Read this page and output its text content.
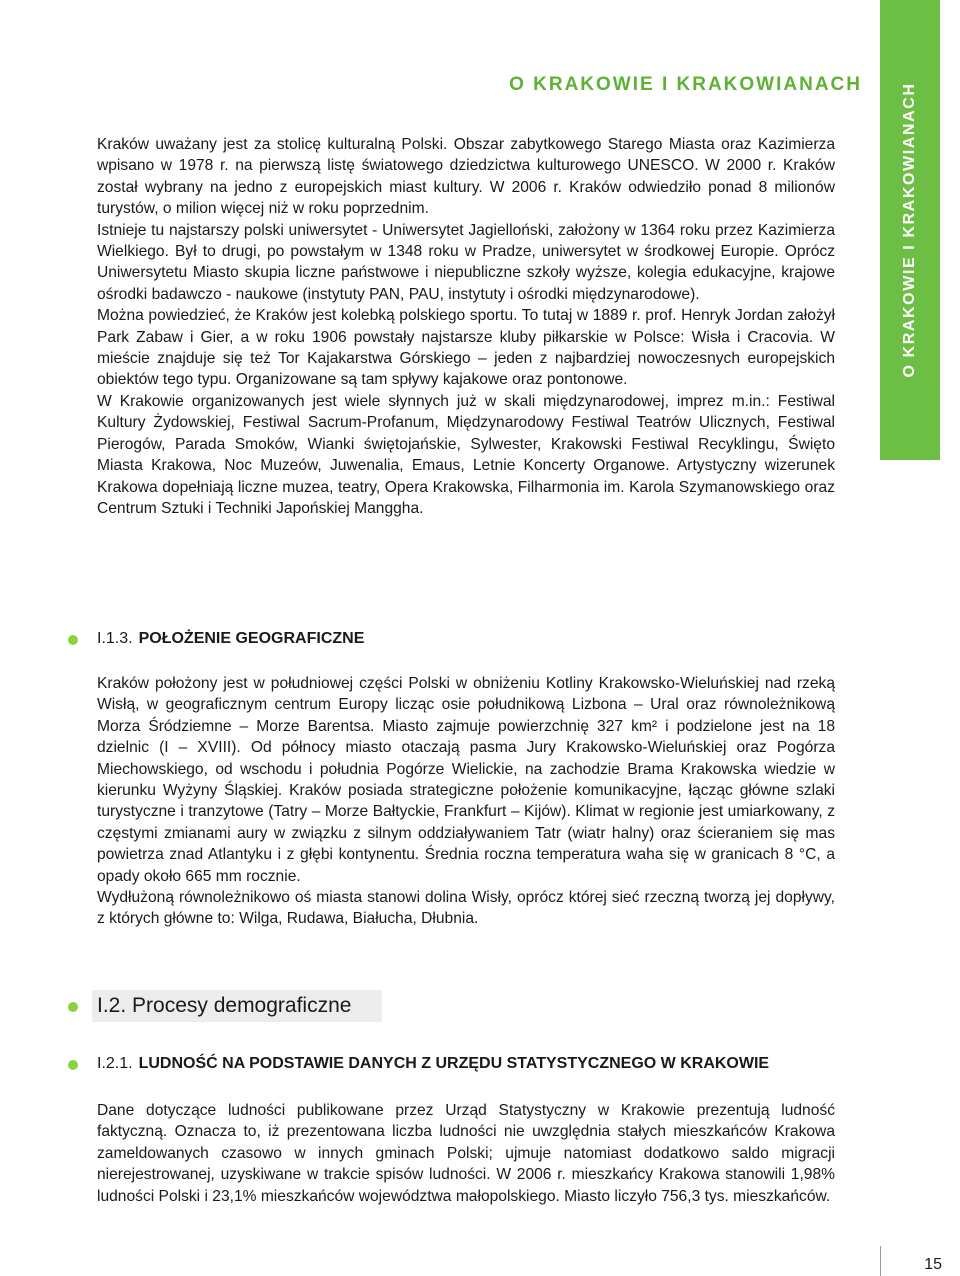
O KRAKOWIE I KRAKOWIANACH O KRAKOWIE I KRAKOWIANACH

Kraków uważany jest za stolicę kulturalną Polski. Obszar zabytkowego Starego Miasta oraz Kazimierza wpisano w 1978 r. na pierwszą listę światowego dziedzictwa kulturowego UNESCO. W 2000 r. Kraków został wybrany na jedno z europejskich miast kultury. W 2006 r. Kraków odwiedziło ponad 8 milionów turystów, o milion więcej niż w roku poprzednim.

Istnieje tu najstarszy polski uniwersytet - Uniwersytet Jagielloński, założony w 1364 roku przez Kazimierza Wielkiego. Był to drugi, po powstałym w 1348 roku w Pradze, uniwersytet w środkowej Europie. Oprócz Uniwersytetu Miasto skupia liczne państwowe i niepubliczne szkoły wyższe, kolegia edukacyjne, krajowe ośrodki badawczo - naukowe (instytuty PAN, PAU, instytuty i ośrodki międzynarodowe).

Można powiedzieć, że Kraków jest kolebką polskiego sportu. To tutaj w 1889 r. prof. Henryk Jordan założył Park Zabaw i Gier, a w roku 1906 powstały najstarsze kluby piłkarskie w Polsce: Wisła i Cracovia. W mieście znajduje się też Tor Kajakarstwa Górskiego – jeden z najbardziej nowoczesnych europejskich obiektów tego typu. Organizowane są tam spływy kajakowe oraz pontonowe.

W Krakowie organizowanych jest wiele słynnych już w skali międzynarodowej, imprez m.in.: Festiwal Kultury Żydowskiej, Festiwal Sacrum-Profanum, Międzynarodowy Festiwal Teatrów Ulicznych, Festiwal Pierogów, Parada Smoków, Wianki świętojańskie, Sylwester, Krakowski Festiwal Recyklingu, Święto Miasta Krakowa, Noc Muzeów, Juwenalia, Emaus, Letnie Koncerty Organowe. Artystyczny wizerunek Krakowa dopełniają liczne muzea, teatry, Opera Krakowska, Filharmonia im. Karola Szymanowskiego oraz Centrum Sztuki i Techniki Japońskiej Manggha.

I.1.3. POŁOŻENIE GEOGRAFICZNE

Kraków położony jest w południowej części Polski w obniżeniu Kotliny Krakowsko-Wieluńskiej nad rzeką Wisłą, w geograficznym centrum Europy licząc osie południkową Lizbona – Ural oraz równoleżnikową Morza Śródziemne – Morze Barentsa. Miasto zajmuje powierzchnię 327 km² i podzielone jest na 18 dzielnic (I – XVIII). Od północy miasto otaczają pasma Jury Krakowsko-Wieluńskiej oraz Pogórza Miechowskiego, od wschodu i południa Pogórze Wielickie, na zachodzie Brama Krakowska wiedzie w kierunku Wyżyny Śląskiej. Kraków posiada strategiczne położenie komunikacyjne, łącząc główne szlaki turystyczne i tranzytowe (Tatry – Morze Bałtyckie, Frankfurt – Kijów). Klimat w regionie jest umiarkowany, z częstymi zmianami aury w związku z silnym oddziaływaniem Tatr (wiatr halny) oraz ścieraniem się mas powietrza znad Atlantyku i z głębi kontynentu. Średnia roczna temperatura waha się w granicach 8 °C, a opady około 665 mm rocznie.

Wydłużoną równoleżnikowo oś miasta stanowi dolina Wisły, oprócz której sieć rzeczną tworzą jej dopływy, z których główne to: Wilga, Rudawa, Białucha, Dłubnia.

I.2. Procesy demograficzne
I.2.1. LUDNOŚĆ NA PODSTAWIE DANYCH Z URZĘDU STATYSTYCZNEGO W KRAKOWIE

Dane dotyczące ludności publikowane przez Urząd Statystyczny w Krakowie prezentują ludność faktyczną. Oznacza to, iż prezentowana liczba ludności nie uwzględnia stałych mieszkańców Krakowa zameldowanych czasowo w innych gminach Polski; ujmuje natomiast dodatkowo saldo migracji nierejestrowanej, uzyskiwane w trakcie spisów ludności. W 2006 r. mieszkańcy Krakowa stanowili 1,98% ludności Polski i 23,1% mieszkańców województwa małopolskiego. Miasto liczyło 756,3 tys. mieszkańców.

15
